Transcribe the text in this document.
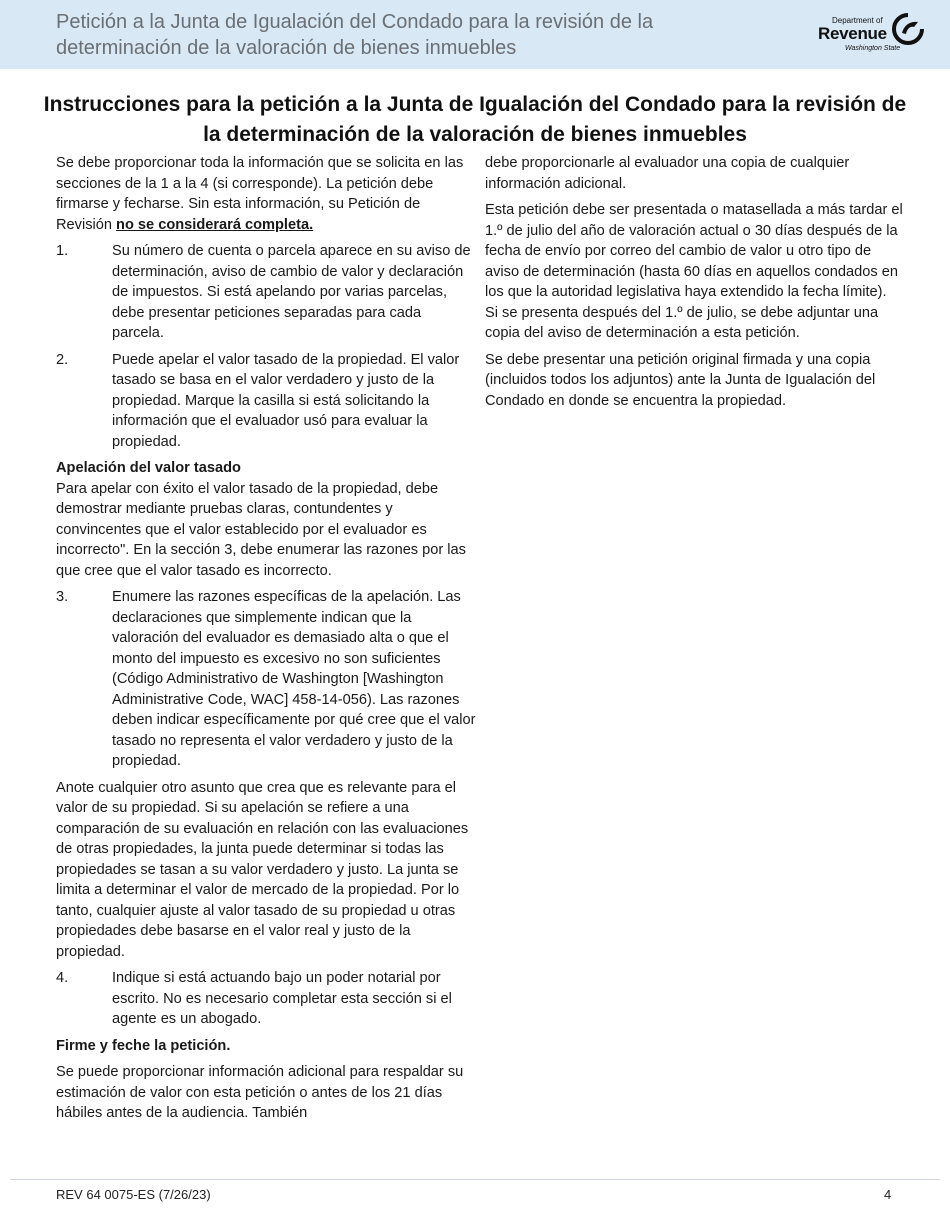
Petición a la Junta de Igualación del Condado para la revisión de la determinación de la valoración de bienes inmuebles
Department of
Revenue
Washington State
Instrucciones para la petición a la Junta de Igualación del Condado para la revisión de la determinación de la valoración de bienes inmuebles

Se debe proporcionar toda la información que se solicita en las secciones de la 1 a la 4 (si corresponde). La petición debe firmarse y fecharse. Sin esta información, su Petición de Revisión no se considerará completa.

1.	Su número de cuenta o parcela aparece en su aviso de determinación, aviso de cambio de valor y declaración de impuestos. Si está apelando por varias parcelas, debe presentar peticiones separadas para cada parcela.
2.	Puede apelar el valor tasado de la propiedad. El valor tasado se basa en el valor verdadero y justo de la propiedad. Marque la casilla si está solicitando la información que el evaluador usó para evaluar la propiedad.
Apelación del valor tasado

Para apelar con éxito el valor tasado de la propiedad, debe demostrar mediante pruebas claras, contundentes y convincentes que el valor establecido por el evaluador es incorrecto". En la sección 3, debe enumerar las razones por las que cree que el valor tasado es incorrecto.

3.	Enumere las razones específicas de la apelación. Las declaraciones que simplemente indican que la valoración del evaluador es demasiado alta o que el monto del impuesto es excesivo no son suficientes (Código Administrativo de Washington [Washington Administrative Code, WAC] 458-14-056). Las razones deben indicar específicamente por qué cree que el valor tasado no representa el valor verdadero y justo de la propiedad.

Anote cualquier otro asunto que crea que es relevante para el valor de su propiedad. Si su apelación se refiere a una comparación de su evaluación en relación con las evaluaciones de otras propiedades, la junta puede determinar si todas las propiedades se tasan a su valor verdadero y justo. La junta se limita a determinar el valor de mercado de la propiedad. Por lo tanto, cualquier ajuste al valor tasado de su propiedad u otras propiedades debe basarse en el valor real y justo de la propiedad.

4.	Indique si está actuando bajo un poder notarial por escrito. No es necesario completar esta sección si el agente es un abogado.

Firme y feche la petición.

Se puede proporcionar información adicional para respaldar su estimación de valor con esta petición o antes de los 21 días hábiles antes de la audiencia. También

debe proporcionarle al evaluador una copia de cualquier información adicional.

Esta petición debe ser presentada o matasellada a más tardar el 1.º de julio del año de valoración actual o 30 días después de la fecha de envío por correo del cambio de valor u otro tipo de aviso de determinación (hasta 60 días en aquellos condados en los que la autoridad legislativa haya extendido la fecha límite). Si se presenta después del 1.º de julio, se debe adjuntar una copia del aviso de determinación a esta petición.

Se debe presentar una petición original firmada y una copia (incluidos todos los adjuntos) ante la Junta de Igualación del Condado en donde se encuentra la propiedad.

REV 64 0075-ES (7/26/23)	4
